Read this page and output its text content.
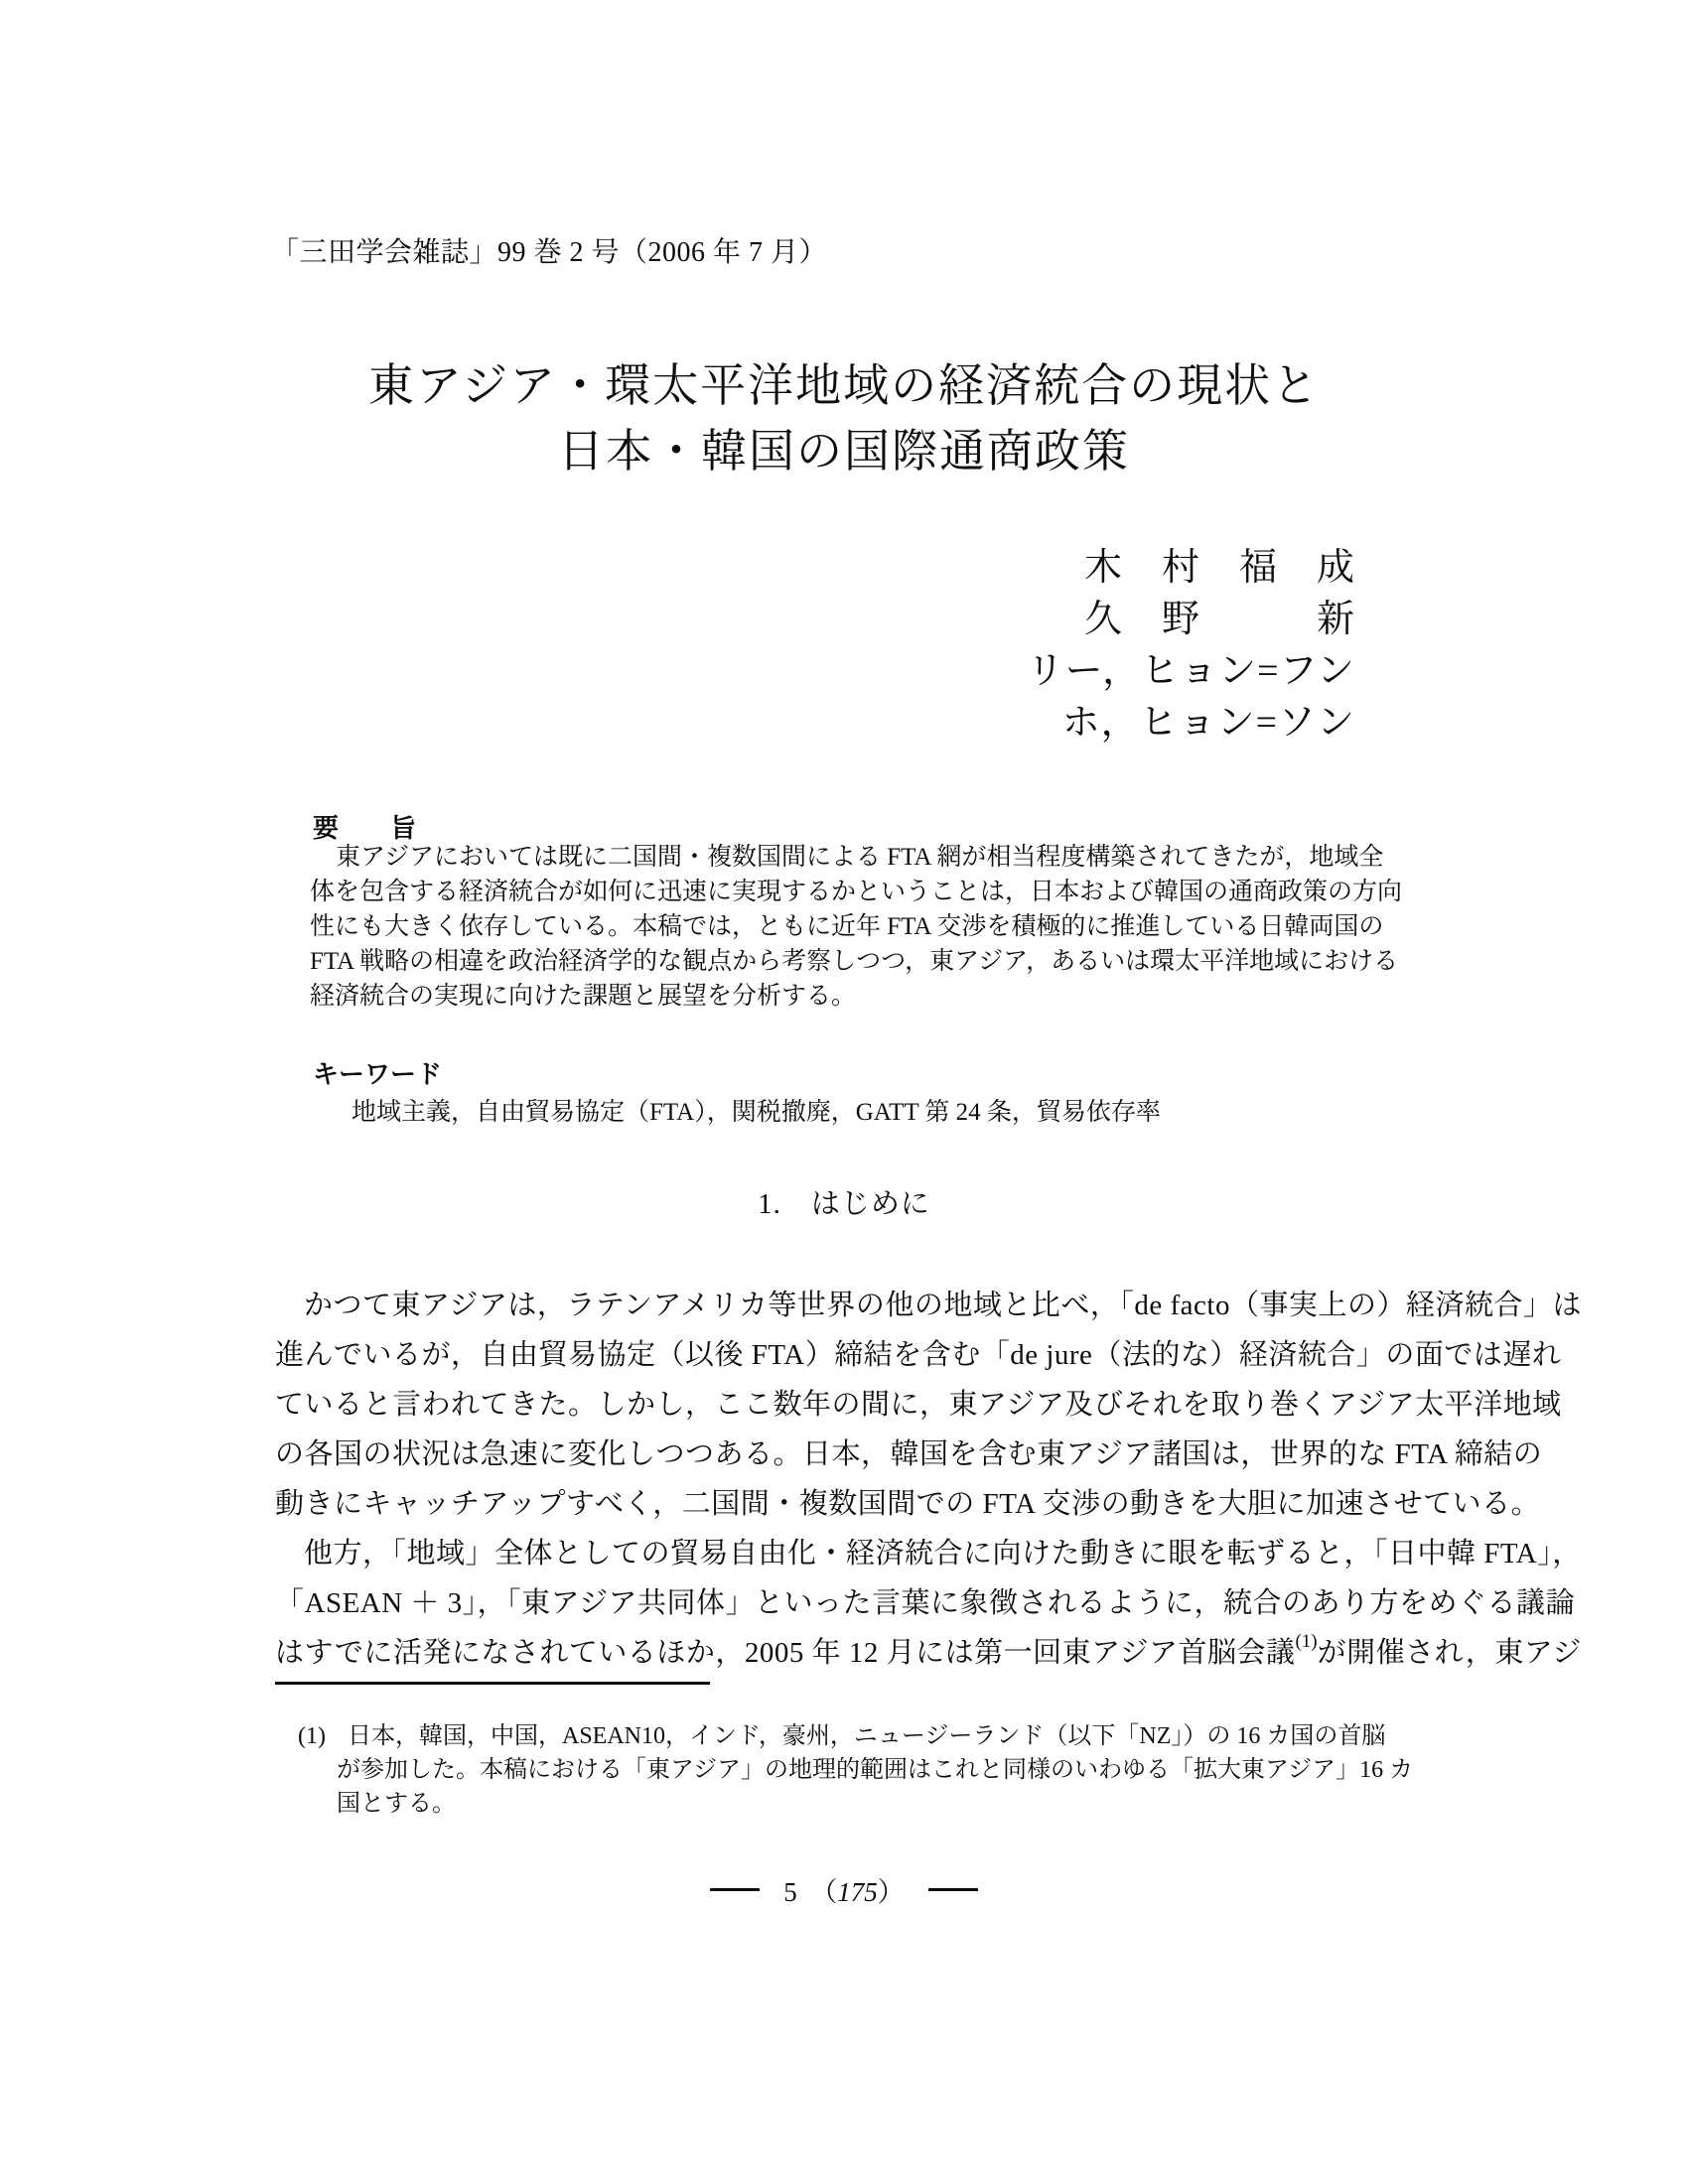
「三田学会雑誌」99 巻 2 号（2006 年 7 月）
東アジア・環太平洋地域の経済統合の現状と
日本・韓国の国際通商政策
木　村　福　成
久　野　　　新
リー，ヒョン=フン
ホ，ヒョン=ソン
要　　旨
東アジアにおいては既に二国間・複数国間による FTA 網が相当程度構築されてきたが，地域全
体を包含する経済統合が如何に迅速に実現するかということは，日本および韓国の通商政策の方向
性にも大きく依存している。本稿では，ともに近年 FTA 交渉を積極的に推進している日韓両国の
FTA 戦略の相違を政治経済学的な観点から考察しつつ，東アジア，あるいは環太平洋地域における
経済統合の実現に向けた課題と展望を分析する。
キーワード
地域主義，自由貿易協定（FTA），関税撤廃，GATT 第 24 条，貿易依存率
1.　はじめに
かつて東アジアは，ラテンアメリカ等世界の他の地域と比べ，「de facto（事実上の）経済統合」は
進んでいるが，自由貿易協定（以後 FTA）締結を含む「de jure（法的な）経済統合」の面では遅れ
ていると言われてきた。しかし，ここ数年の間に，東アジア及びそれを取り巻くアジア太平洋地域
の各国の状況は急速に変化しつつある。日本，韓国を含む東アジア諸国は，世界的な FTA 締結の
動きにキャッチアップすべく，二国間・複数国間での FTA 交渉の動きを大胆に加速させている。
他方，「地域」全体としての貿易自由化・経済統合に向けた動きに眼を転ずると，「日中韓 FTA」，
「ASEAN ＋ 3」，「東アジア共同体」といった言葉に象徴されるように，統合のあり方をめぐる議論
はすでに活発になされているほか，2005 年 12 月には第一回東アジア首脳会議$^{(1)}$が開催され，東アジ
(1) 日本，韓国，中国，ASEAN10，インド，豪州，ニュージーランド（以下「NZ」）の 16 カ国の首脳
が参加した。本稿における「東アジア」の地理的範囲はこれと同様のいわゆる「拡大東アジア」16 カ
国とする。
5　 （175）
